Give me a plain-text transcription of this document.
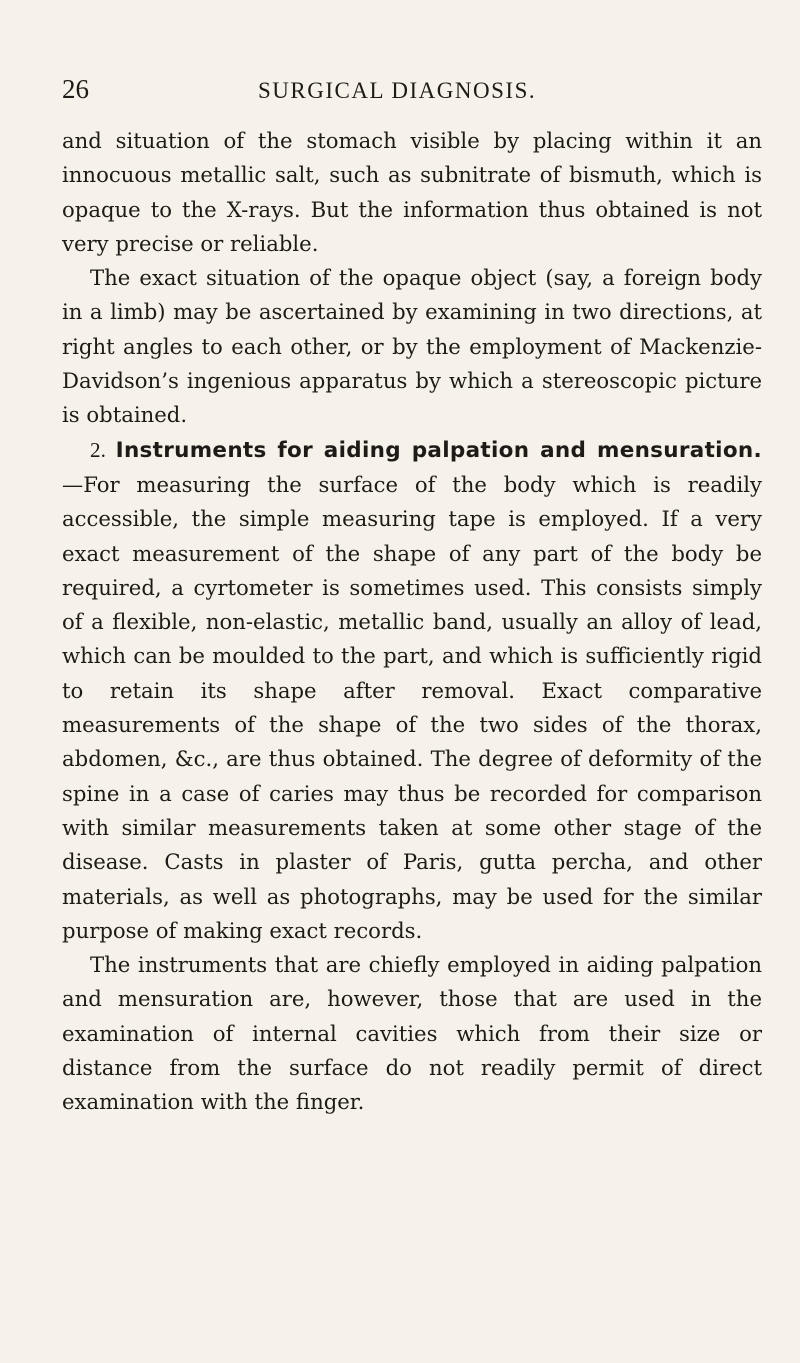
26	SURGICAL DIAGNOSIS.

and situation of the stomach visible by placing within it an innocuous metallic salt, such as subnitrate of bismuth, which is opaque to the X-rays. But the information thus obtained is not very precise or reliable.

The exact situation of the opaque object (say, a foreign body in a limb) may be ascertained by examining in two directions, at right angles to each other, or by the employment of Mackenzie-Davidson’s ingenious apparatus by which a stereoscopic picture is obtained.

2. Instruments for aiding palpation and mensuration.—For measuring the surface of the body which is readily accessible, the simple measuring tape is employed. If a very exact measurement of the shape of any part of the body be required, a cyrtometer is sometimes used. This consists simply of a flexible, non-elastic, metallic band, usually an alloy of lead, which can be moulded to the part, and which is sufficiently rigid to retain its shape after removal. Exact comparative measurements of the shape of the two sides of the thorax, abdomen, &c., are thus obtained. The degree of deformity of the spine in a case of caries may thus be recorded for comparison with similar measurements taken at some other stage of the disease. Casts in plaster of Paris, gutta percha, and other materials, as well as photographs, may be used for the similar purpose of making exact records.

The instruments that are chiefly employed in aiding palpation and mensuration are, however, those that are used in the examination of internal cavities which from their size or distance from the surface do not readily permit of direct examination with the finger.
